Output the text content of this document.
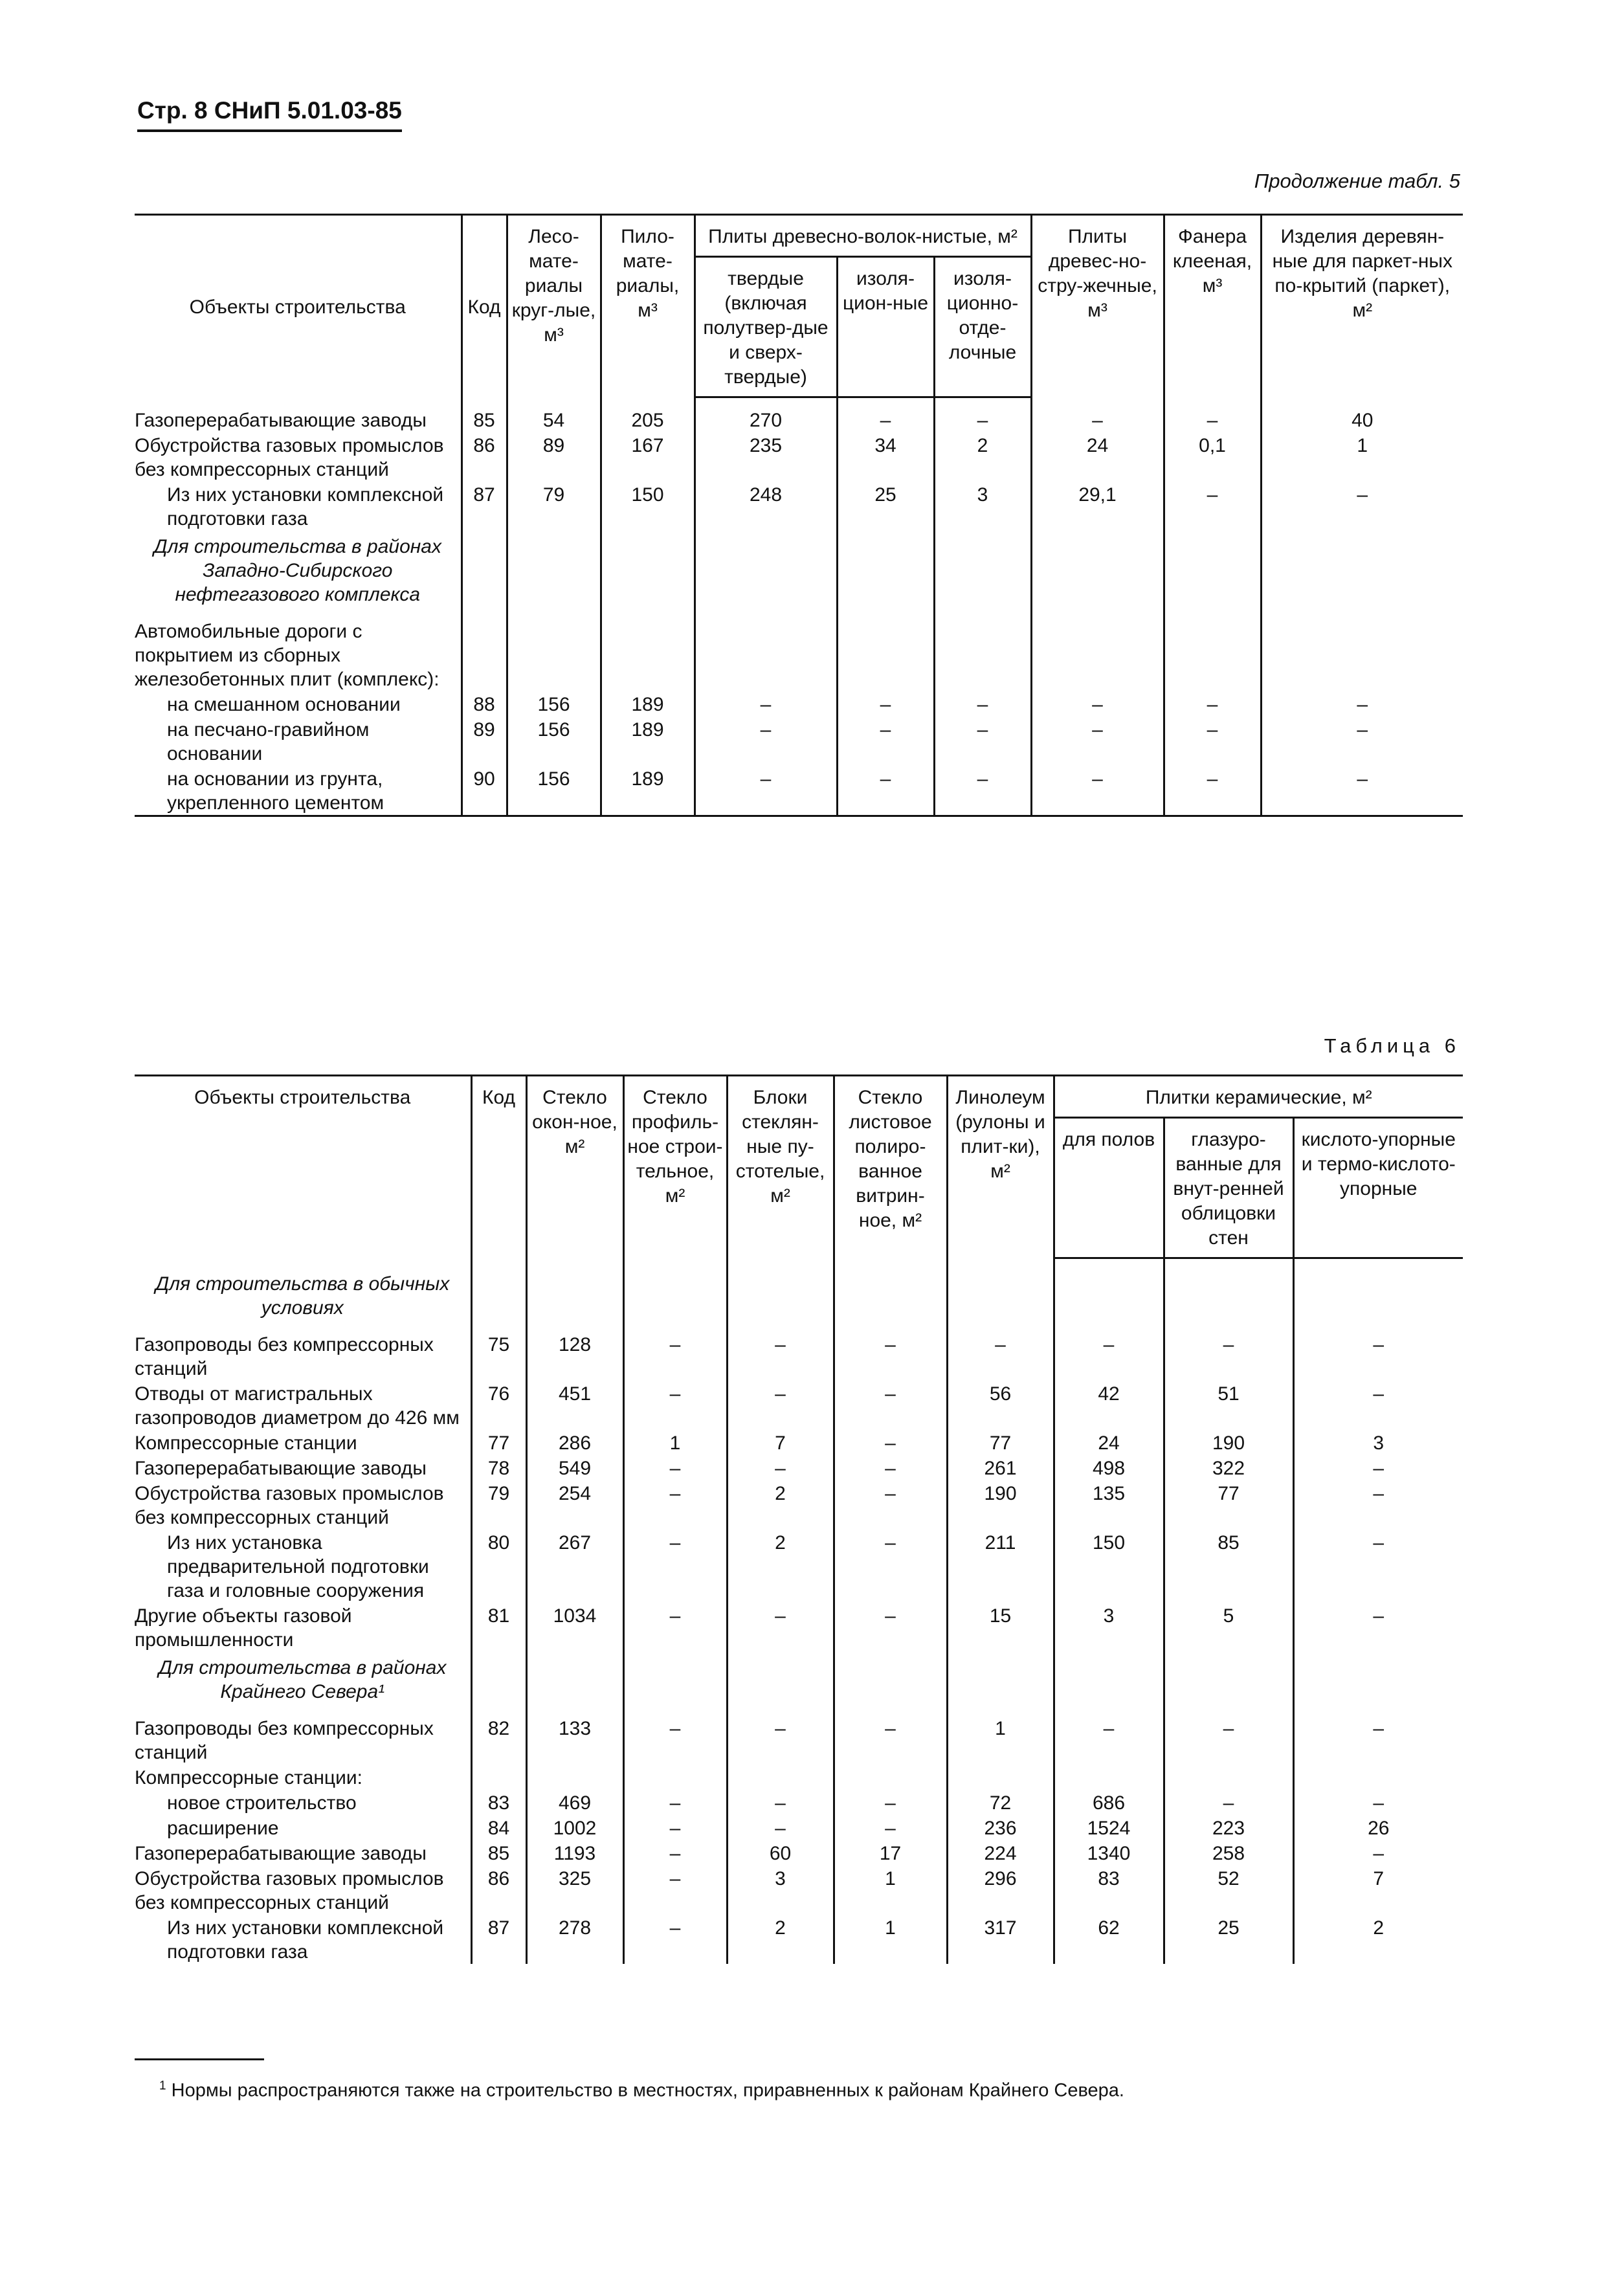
Стр. 8 СНиП 5.01.03-85
Продолжение табл. 5
Объекты строительства	Код	Лесо-мате-риалы круг-лые, м³	Пило-мате-риалы, м³	Плиты древесно-волок-нистые, м²			Плиты древес-но-стру-жечные, м³	Фанера клееная, м³	Изделия деревян-ные для паркет-ных по-крытий (паркет), м²
				твердые (включая полутвер-дые и сверх-твердые)	изоля-цион-ные	изоля-ционно-отде-лочные			

Газоперерабатывающие заводы	85	54	205	270	–	–	–	–	40
Обустройства газовых промыслов без компрессорных станций	86	89	167	235	34	2	24	0,1	1
Из них установки комплексной подготовки газа	87	79	150	248	25	3	29,1	–	–
Для строительства в районах Западно-Сибирского нефтегазового комплекса									
Автомобильные дороги с покрытием из сборных железобетонных плит (комплекс):									
на смешанном основании	88	156	189	–	–	–	–	–	–
на песчано-гравийном основании	89	156	189	–	–	–	–	–	–
на основании из грунта, укрепленного цементом	90	156	189	–	–	–	–	–	–
Таблица 6
Объекты строительства	Код	Стекло окон-ное, м²	Стекло профиль-ное строи-тельное, м²	Блоки стеклян-ные пу-стотелые, м²	Стекло листовое полиро-ванное витрин-ное, м²	Линолеум (рулоны и плит-ки), м²	Плитки керамические, м²		
							для полов	глазуро-ванные для внут-ренней облицовки стен	кислото-упорные и термо-кислото-упорные

Для строительства в обычных условиях									
Газопроводы без компрессорных станций	75	128	–	–	–	–	–	–	–
Отводы от магистральных газопроводов диаметром до 426 мм	76	451	–	–	–	56	42	51	–
Компрессорные станции	77	286	1	7	–	77	24	190	3
Газоперерабатывающие заводы	78	549	–	–	–	261	498	322	–
Обустройства газовых промыслов без компрессорных станций	79	254	–	2	–	190	135	77	–
Из них установка предварительной подготовки газа и головные сооружения	80	267	–	2	–	211	150	85	–
Другие объекты газовой промышленности	81	1034	–	–	–	15	3	5	–
Для строительства в районах Крайнего Севера¹									
Газопроводы без компрессорных станций	82	133	–	–	–	1	–	–	–
Компрессорные станции:									
новое строительство	83	469	–	–	–	72	686	–	–
расширение	84	1002	–	–	–	236	1524	223	26
Газоперерабатывающие заводы	85	1193	–	60	17	224	1340	258	–
Обустройства газовых промыслов без компрессорных станций	86	325	–	3	1	296	83	52	7
Из них установки комплексной подготовки газа	87	278	–	2	1	317	62	25	2
$^1$ Нормы распространяются также на строительство в местностях, приравненных к районам Крайнего Севера.
